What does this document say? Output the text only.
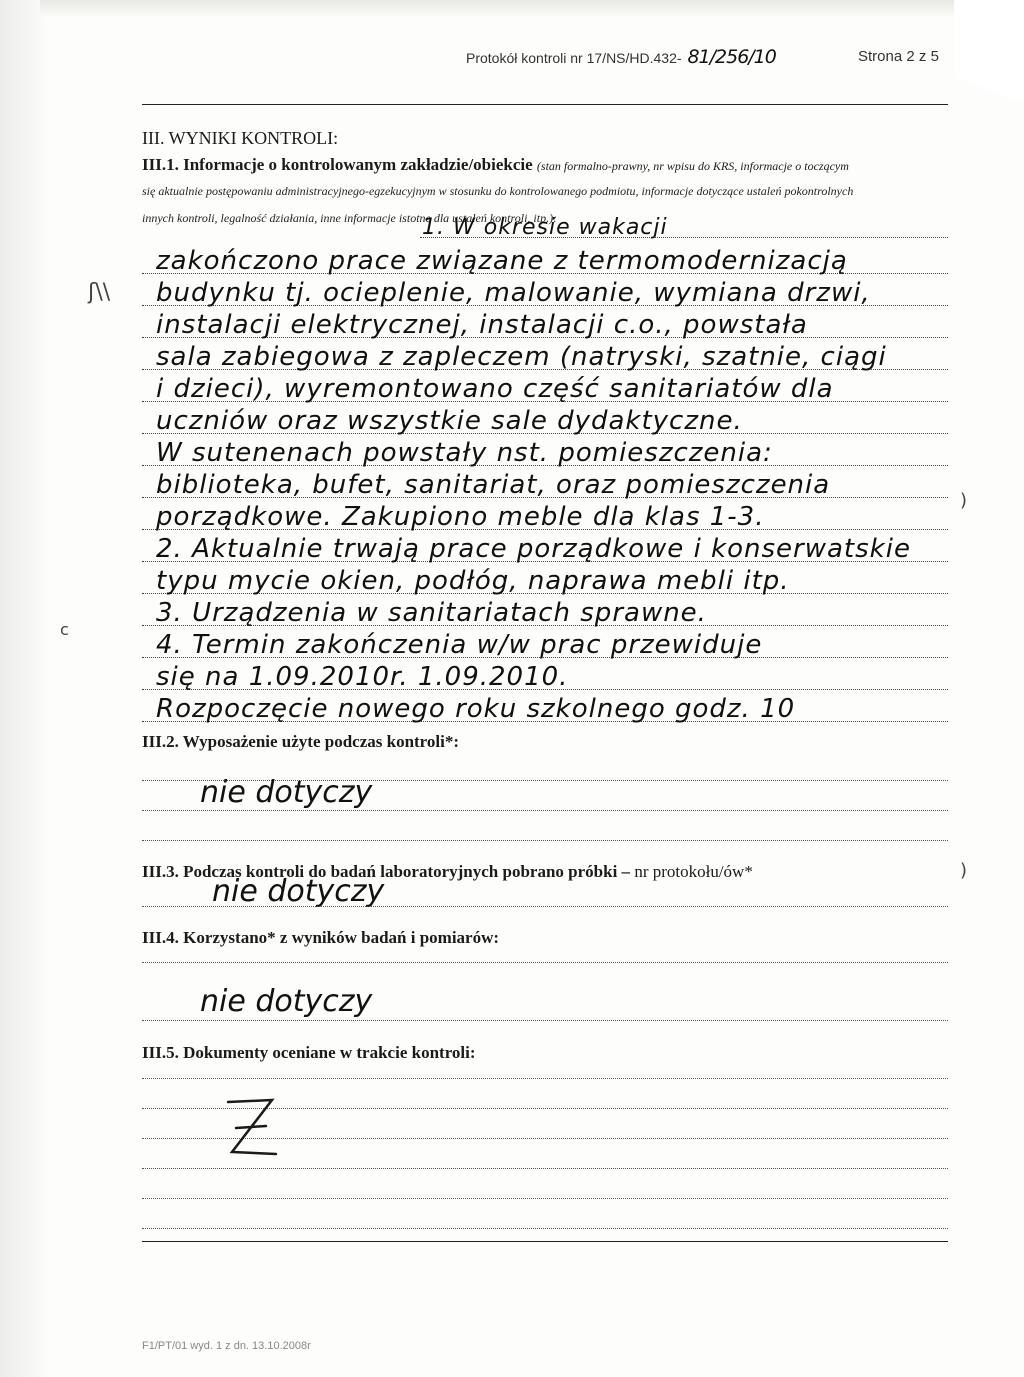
Protokół kontroli nr 17/NS/HD.432- 81/256/10	Strona 2 z 5
III. WYNIKI KONTROLI:
III.1. Informacje o kontrolowanym zakładzie/obiekcie (stan formalno-prawny, nr wpisu do KRS, informacje o toczącym
się aktualnie postępowaniu administracyjnego-egzekucyjnym w stosunku do kontrolowanego podmiotu, informacje dotyczące ustaleń pokontrolnych
innych kontroli, legalność działania, inne informacje istotne dla ustaleń kontroli, itp.):
1. W okresie wakacji
zakończono prace związane z termomodernizacją
budynku tj. ocieplenie, malowanie, wymiana drzwi,
instalacji elektrycznej, instalacji c.o., powstała
sala zabiegowa z zapleczem (natryski, szatnie, ciągi
i dzieci), wyremontowano część sanitariatów dla
uczniów oraz wszystkie sale dydaktyczne.
W sutenenach powstały nst. pomieszczenia:
biblioteka, bufet, sanitariat, oraz pomieszczenia
porządkowe. Zakupiono meble dla klas 1-3.
2. Aktualnie trwają prace porządkowe i konserwatskie
typu mycie okien, podłóg, naprawa mebli itp.
3. Urządzenia w sanitariatach sprawne.
4. Termin zakończenia w/w prac przewiduje
się na 1.09.2010r. 1.09.2010.
Rozpoczęcie nowego roku szkolnego godz. 10
III.2. Wyposażenie użyte podczas kontroli*:
nie dotyczy
III.3. Podczas kontroli do badań laboratoryjnych pobrano próbki – nr protokołu/ów*
nie dotyczy
III.4. Korzystano* z wyników badań i pomiarów:
nie dotyczy
III.5. Dokumenty oceniane w trakcie kontroli:
F1/PT/01 wyd. 1 z dn. 13.10.2008r
ʃ\\
c
)
)
